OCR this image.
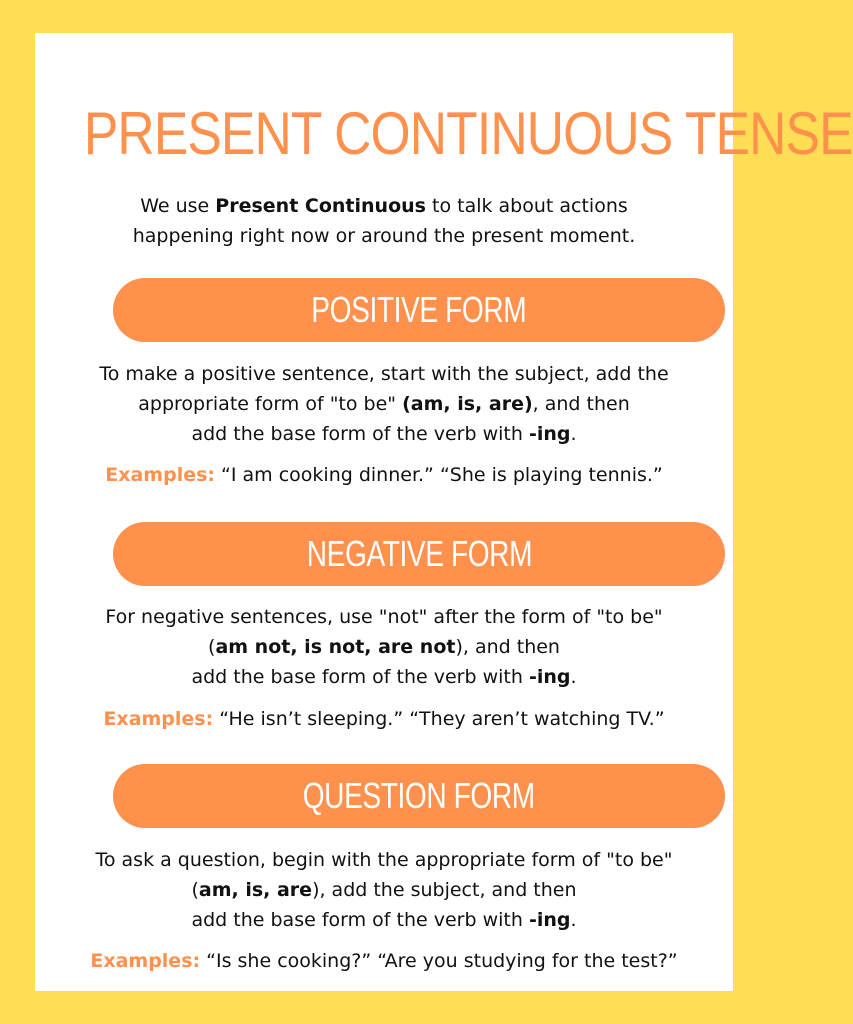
PRESENT CONTINUOUS TENSE
We use Present Continuous to talk about actions
happening right now or around the present moment.
POSITIVE FORM
To make a positive sentence, start with the subject, add the
appropriate form of "to be" (am, is, are), and then
add the base form of the verb with -ing.
Examples: “I am cooking dinner.” “She is playing tennis.”
NEGATIVE FORM
For negative sentences, use "not" after the form of "to be"
(am not, is not, are not), and then
add the base form of the verb with -ing.
Examples: “He isn’t sleeping.” “They aren’t watching TV.”
QUESTION FORM
To ask a question, begin with the appropriate form of "to be"
(am, is, are), add the subject, and then
add the base form of the verb with -ing.
Examples: “Is she cooking?” “Are you studying for the test?”
